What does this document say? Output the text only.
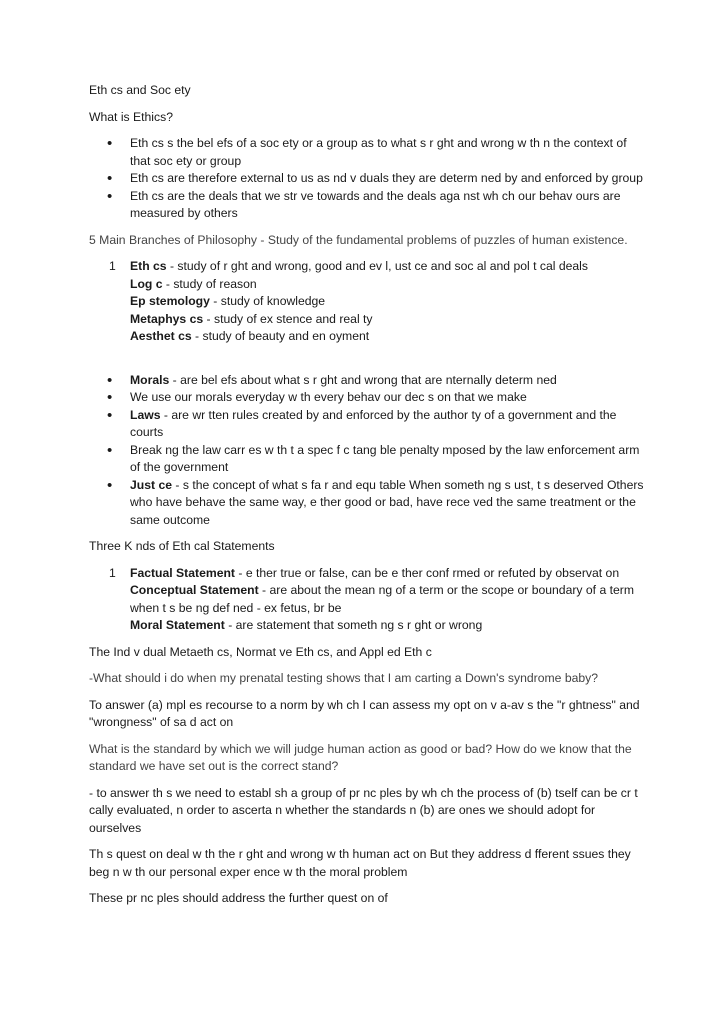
Eth cs and Soc ety

What is Ethics?

• Eth cs s the bel efs of a soc ety or a group as to what s r ght and wrong w th n the context of that soc ety or group
• Eth cs are therefore external to us as nd v duals they are determ ned by and enforced by group
• Eth cs are the deals that we str ve towards and the deals aga nst wh ch our behav ours are measured by others

5 Main Branches of Philosophy - Study of the fundamental problems of puzzles of human existence.

1 Eth cs - study of r ght and wrong, good and ev l, ust ce and soc al and pol t cal deals
Log c - study of reason
Ep stemology - study of knowledge
Metaphys cs - study of ex stence and real ty
Aesthet cs - study of beauty and en oyment
• Morals - are bel efs about what s r ght and wrong that are nternally determ ned
• We use our morals everyday w th every behav our dec s on that we make
• Laws - are wr tten rules created by and enforced by the author ty of a government and the courts
• Break ng the law carr es w th t a spec f c tang ble penalty mposed by the law enforcement arm of the government
• Just ce - s the concept of what s fa r and equ table When someth ng s ust, t s deserved Others who have behave the same way, e ther good or bad, have rece ved the same treatment or the same outcome

Three K nds of Eth cal Statements

1 Factual Statement - e ther true or false, can be e ther conf rmed or refuted by observat on
Conceptual Statement - are about the mean ng of a term or the scope or boundary of a term when t s be ng def ned - ex fetus, br be
Moral Statement - are statement that someth ng s r ght or wrong

The Ind v dual Metaeth cs, Normat ve Eth cs, and Appl ed Eth c

-What should i do when my prenatal testing shows that I am carting a Down's syndrome baby?

To answer (a) mpl es recourse to a norm by wh ch I can assess my opt on v a-av s the "r ghtness" and "wrongness" of sa d act on

What is the standard by which we will judge human action as good or bad? How do we know that the standard we have set out is the correct stand?

- to answer th s we need to establ sh a group of pr nc ples by wh ch the process of (b) tself can be cr t cally evaluated, n order to ascerta n whether the standards n (b) are ones we should adopt for ourselves

Th s quest on deal w th the r ght and wrong w th human act on But they address d fferent ssues they beg n w th our personal exper ence w th the moral problem

These pr nc ples should address the further quest on of
